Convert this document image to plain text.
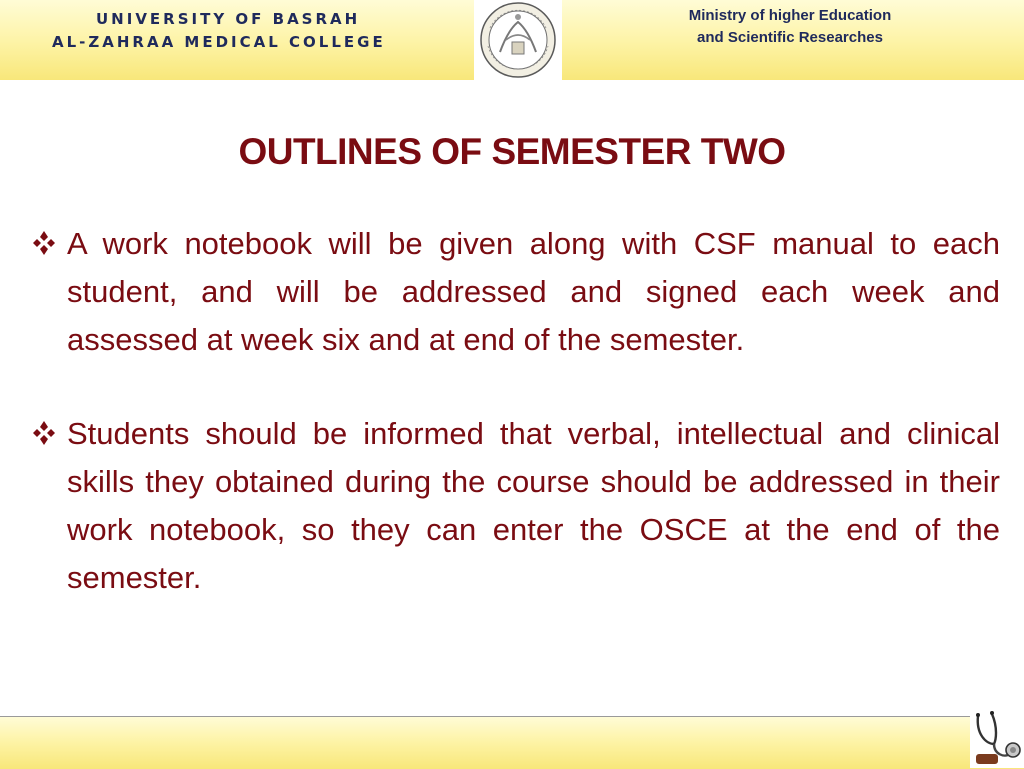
UNIVERSITY OF BASRAH
AL-ZAHRAA MEDICAL COLLEGE
Ministry of higher Education
and Scientific Researches
OUTLINES OF SEMESTER TWO
A work notebook will be given along with CSF manual to each student, and will be addressed and signed each week and assessed at week six and at end of the semester.
Students should be informed that verbal, intellectual and clinical skills they obtained during the course should be addressed in their work notebook, so they can enter the OSCE at the end of the semester.
